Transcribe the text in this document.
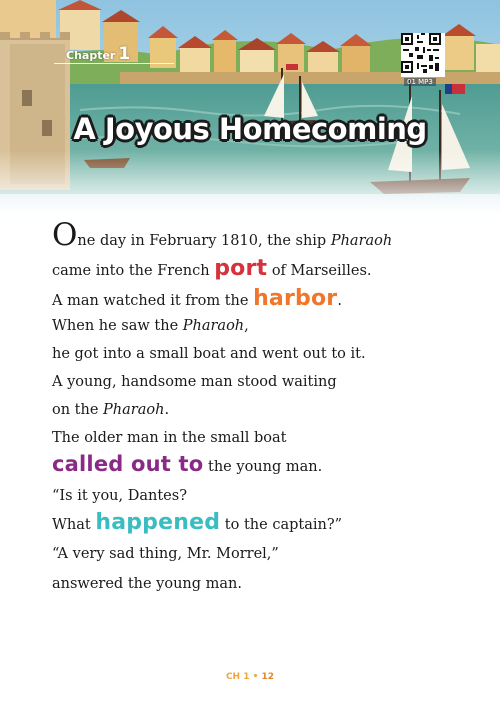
Chapter 1
01 MP3
A Joyous Homecoming
One day in February 1810, the ship Pharaoh
came into the French port of Marseilles.
A man watched it from the harbor.
When he saw the Pharaoh,
he got into a small boat and went out to it.
A young, handsome man stood waiting
on the Pharaoh.
The older man in the small boat
called out to the young man.
“Is it you, Dantes?
What happened to the captain?”
“A very sad thing, Mr. Morrel,”
answered the young man.
CH 1 • 12
